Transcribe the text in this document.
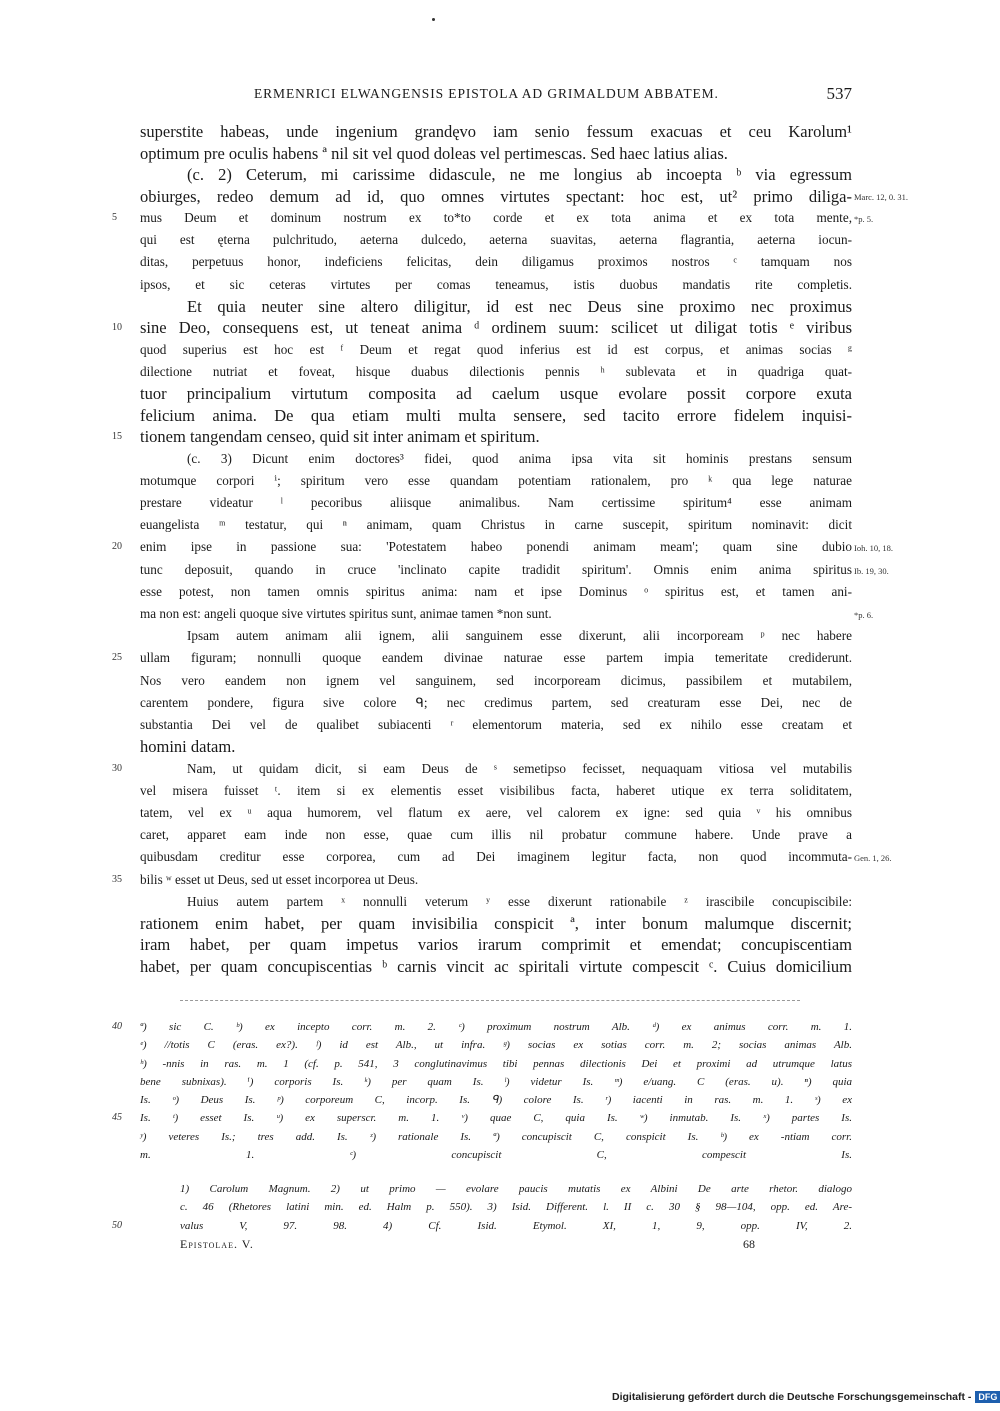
ERMENRICI ELWANGENSIS EPISTOLA AD GRIMALDUM ABBATEM.	537
superstite habeas, unde ingenium grandęvo iam senio fessum exacuas et ceu Karolum¹
optimum pre oculis habens ª nil sit vel quod doleas vel pertimescas. Sed haec latius alias.
(c. 2) Ceterum, mi carissime didascule, ne me longius ab incoepta ᵇ via egressum
obiurges, redeo demum ad id, quo omnes virtutes spectant: hoc est, ut² primo diliga- Marc. 12, 0. 31.
5 mus Deum et dominum nostrum ex to*to corde et ex tota anima et ex tota mente, *p. 5.
qui est ęterna pulchritudo, aeterna dulcedo, aeterna suavitas, aeterna flagrantia, aeterna iocun-
ditas, perpetuus honor, indeficiens felicitas, dein diligamus proximos nostros ᶜ tamquam nos
ipsos, et sic ceteras virtutes per comas teneamus, istis duobus mandatis rite completis.
Et quia neuter sine altero diligitur, id est nec Deus sine proximo nec proximus
10 sine Deo, consequens est, ut teneat anima ᵈ ordinem suum: scilicet ut diligat totis ᵉ viribus
quod superius est hoc est ᶠ Deum et regat quod inferius est id est corpus, et animas socias ᵍ
dilectione nutriat et foveat, hisque duabus dilectionis pennis ʰ sublevata et in quadriga quat-
tuor principalium virtutum composita ad caelum usque evolare possit corpore exuta
felicium anima. De qua etiam multi multa sensere, sed tacito errore fidelem inquisi-
15 tionem tangendam censeo, quid sit inter animam et spiritum.
(c. 3) Dicunt enim doctores³ fidei, quod anima ipsa vita sit hominis prestans sensum
motumque corpori ⁱ; spiritum vero esse quandam potentiam rationalem, pro ᵏ qua lege naturae
prestare videatur ˡ pecoribus aliisque animalibus. Nam certissime spiritum⁴ esse animam
euangelista ᵐ testatur, qui ⁿ animam, quam Christus in carne suscepit, spiritum nominavit: dicit
20 enim ipse in passione sua: 'Potestatem habeo ponendi animam meam'; quam sine dubio Ioh. 10, 18.
tunc deposuit, quando in cruce 'inclinato capite tradidit spiritum'. Omnis enim anima spiritus Ib. 19, 30.
esse potest, non tamen omnis spiritus anima: nam et ipse Dominus ᵒ spiritus est, et tamen ani-
ma non est: angeli quoque sive virtutes spiritus sunt, animae tamen *non sunt.	*p. 6.
Ipsam autem animam alii ignem, alii sanguinem esse dixerunt, alii incorpoream ᵖ nec habere
25 ullam figuram; nonnulli quoque eandem divinae naturae esse partem impia temeritate crediderunt.
Nos vero eandem non ignem vel sanguinem, sed incorpoream dicimus, passibilem et mutabilem,
carentem pondere, figura sive colore ᑫ; nec credimus partem, sed creaturam esse Dei, nec de
substantia Dei vel de qualibet subiacenti ʳ elementorum materia, sed ex nihilo esse creatam et
homini datam.
30	Nam, ut quidam dicit, si eam Deus de ˢ semetipso fecisset, nequaquam vitiosa vel mutabilis
vel misera fuisset ᵗ. item si ex elementis esset visibilibus facta, haberet utique ex terra soliditatem,
tatem, vel ex ᵘ aqua humorem, vel flatum ex aere, vel calorem ex igne: sed quia ᵛ his omnibus
caret, apparet eam inde non esse, quae cum illis nil probatur commune habere. Unde prave a
quibusdam creditur esse corporea, cum ad Dei imaginem legitur facta, non quod incommuta- Gen. 1, 26.
35 bilis ʷ esset ut Deus, sed ut esset incorporea ut Deus.
Huius autem partem ˣ nonnulli veterum ʸ esse dixerunt rationabile ᶻ irascibile concupiscibile:
rationem enim habet, per quam invisibilia conspicit ª, inter bonum malumque discernit;
iram habet, per quam impetus varios irarum comprimit et emendat; concupiscentiam
habet, per quam concupiscentias ᵇ carnis vincit ac spiritali virtute compescit ᶜ. Cuius domicilium
40 ª) sic C. ᵇ) ex incepto corr. m. 2. ᶜ) proximum nostrum Alb. ᵈ) ex animus corr. m. 1.
ᵉ) //totis C (eras. ex?). ᶠ) id est Alb., ut infra. ᵍ) socias ex sotias corr. m. 2; socias animas Alb.
ʰ) -nnis in ras. m. 1 (cf. p. 541, 3 conglutinavimus tibi pennas dilectionis Dei et proximi ad utrumque latus
bene subnixas). ⁱ) corporis Is. ᵏ) per quam Is. ˡ) videtur Is. ᵐ) e/uang. C (eras. u). ⁿ) quia
Is. ᵒ) Deus Is. ᵖ) corporeum C, incorp. Is. ᑫ) colore Is. ʳ) iacenti in ras. m. 1. ˢ) ex
45 Is. ᵗ) esset Is. ᵘ) ex superscr. m. 1. ᵛ) quae C, quia Is. ʷ) inmutab. Is. ˣ) partes Is.
ʸ) veteres Is.; tres add. Is. ᶻ) rationale Is. ª) concupiscit C, conspicit Is. ᵇ) ex -ntiam corr.
m. 1. ᶜ) concupiscit C, compescit Is.
1) Carolum Magnum. 2) ut primo — evolare paucis mutatis ex Albini De arte rhetor. dialogo
c. 46 (Rhetores latini min. ed. Halm p. 550). 3) Isid. Different. l. II c. 30 § 98—104, opp. ed. Are-
50	valus V, 97. 98. 4) Cf. Isid. Etymol. XI, 1, 9, opp. IV, 2.
Epistolae. V.	68
Digitalisierung gefördert durch die Deutsche Forschungsgemeinschaft - DFG
